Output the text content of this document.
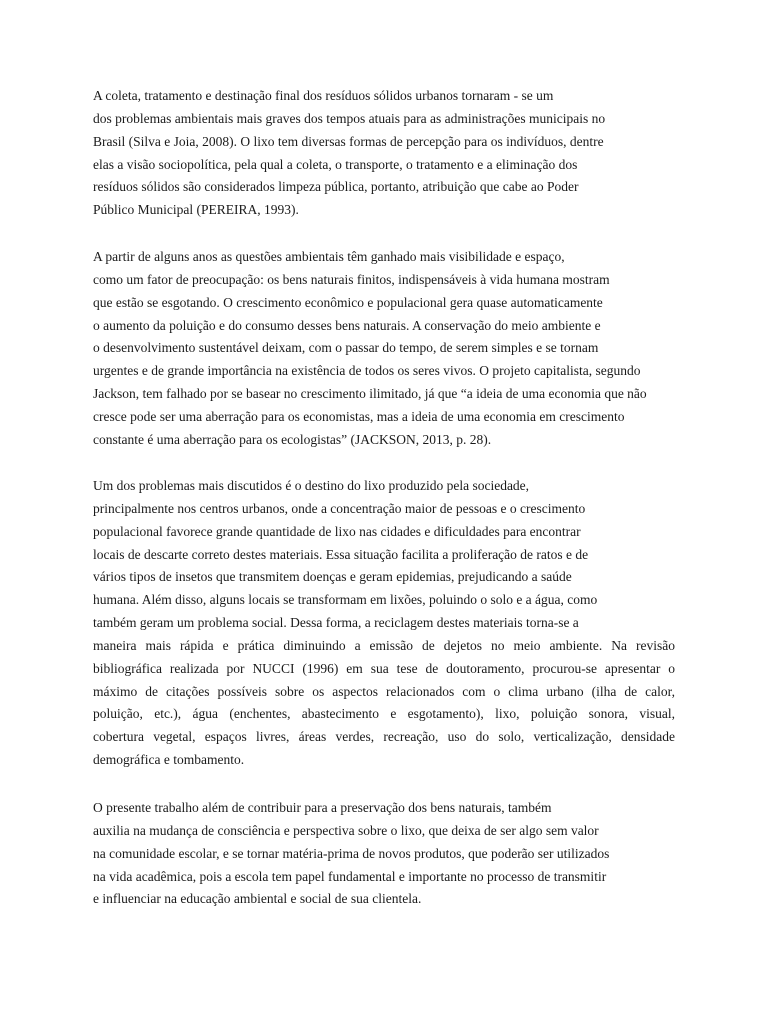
A coleta, tratamento e destinação final dos resíduos sólidos urbanos tornaram - se um
dos problemas ambientais mais graves dos tempos atuais para as administrações municipais no
Brasil (Silva e Joia, 2008). O lixo tem diversas formas de percepção para os indivíduos, dentre
elas a visão sociopolítica, pela qual a coleta, o transporte, o tratamento e a eliminação dos
resíduos sólidos são considerados limpeza pública, portanto, atribuição que cabe ao Poder
Público Municipal (PEREIRA, 1993).
A partir de alguns anos as questões ambientais têm ganhado mais visibilidade e espaço,
como um fator de preocupação: os bens naturais finitos, indispensáveis à vida humana mostram
que estão se esgotando. O crescimento econômico e populacional gera quase automaticamente
o aumento da poluição e do consumo desses bens naturais. A conservação do meio ambiente e
o desenvolvimento sustentável deixam, com o passar do tempo, de serem simples e se tornam
urgentes e de grande importância na existência de todos os seres vivos. O projeto capitalista, segundo
Jackson, tem falhado por se basear no crescimento ilimitado, já que “a ideia de uma economia que não
cresce pode ser uma aberração para os economistas, mas a ideia de uma economia em crescimento
constante é uma aberração para os ecologistas” (JACKSON, 2013, p. 28).
Um dos problemas mais discutidos é o destino do lixo produzido pela sociedade,
principalmente nos centros urbanos, onde a concentração maior de pessoas e o crescimento
populacional favorece grande quantidade de lixo nas cidades e dificuldades para encontrar
locais de descarte correto destes materiais. Essa situação facilita a proliferação de ratos e de
vários tipos de insetos que transmitem doenças e geram epidemias, prejudicando a saúde
humana. Além disso, alguns locais se transformam em lixões, poluindo o solo e a água, como
também geram um problema social. Dessa forma, a reciclagem destes materiais torna-se a
maneira mais rápida e prática diminuindo a emissão de dejetos no meio ambiente. Na revisão
bibliográfica realizada por NUCCI (1996) em sua tese de doutoramento, procurou-se apresentar o
máximo de citações possíveis sobre os aspectos relacionados com o clima urbano (ilha de calor,
poluição, etc.), água (enchentes, abastecimento e esgotamento), lixo, poluição sonora, visual,
cobertura vegetal, espaços livres, áreas verdes, recreação, uso do solo, verticalização, densidade
demográfica e tombamento.
O presente trabalho além de contribuir para a preservação dos bens naturais, também
auxilia na mudança de consciência e perspectiva sobre o lixo, que deixa de ser algo sem valor
na comunidade escolar, e se tornar matéria-prima de novos produtos, que poderão ser utilizados
na vida acadêmica, pois a escola tem papel fundamental e importante no processo de transmitir
e influenciar na educação ambiental e social de sua clientela.
